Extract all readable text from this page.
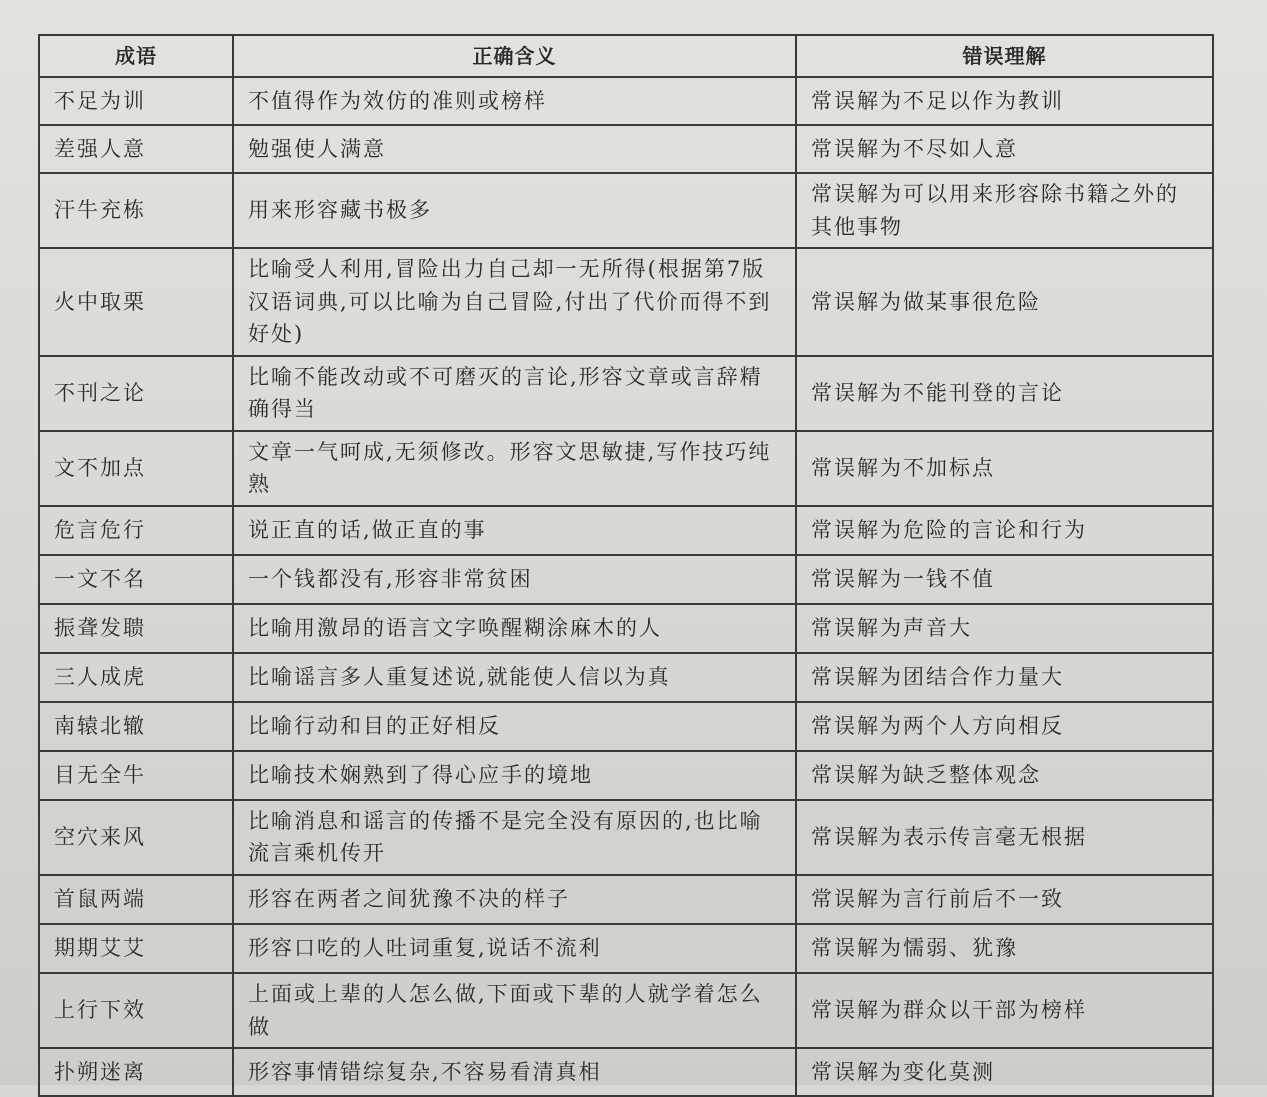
成语	正确含义	错误理解
不足为训	不值得作为效仿的准则或榜样	常误解为不足以作为教训
差强人意	勉强使人满意	常误解为不尽如人意
汗牛充栋	用来形容藏书极多	常误解为可以用来形容除书籍之外的其他事物
火中取栗	比喻受人利用,冒险出力自己却一无所得(根据第7版汉语词典,可以比喻为自己冒险,付出了代价而得不到好处)	常误解为做某事很危险
不刊之论	比喻不能改动或不可磨灭的言论,形容文章或言辞精确得当	常误解为不能刊登的言论
文不加点	文章一气呵成,无须修改。形容文思敏捷,写作技巧纯熟	常误解为不加标点
危言危行	说正直的话,做正直的事	常误解为危险的言论和行为
一文不名	一个钱都没有,形容非常贫困	常误解为一钱不值
振聋发聩	比喻用激昂的语言文字唤醒糊涂麻木的人	常误解为声音大
三人成虎	比喻谣言多人重复述说,就能使人信以为真	常误解为团结合作力量大
南辕北辙	比喻行动和目的正好相反	常误解为两个人方向相反
目无全牛	比喻技术娴熟到了得心应手的境地	常误解为缺乏整体观念
空穴来风	比喻消息和谣言的传播不是完全没有原因的,也比喻流言乘机传开	常误解为表示传言毫无根据
首鼠两端	形容在两者之间犹豫不决的样子	常误解为言行前后不一致
期期艾艾	形容口吃的人吐词重复,说话不流利	常误解为懦弱、犹豫
上行下效	上面或上辈的人怎么做,下面或下辈的人就学着怎么做	常误解为群众以干部为榜样
扑朔迷离	形容事情错综复杂,不容易看清真相	常误解为变化莫测
